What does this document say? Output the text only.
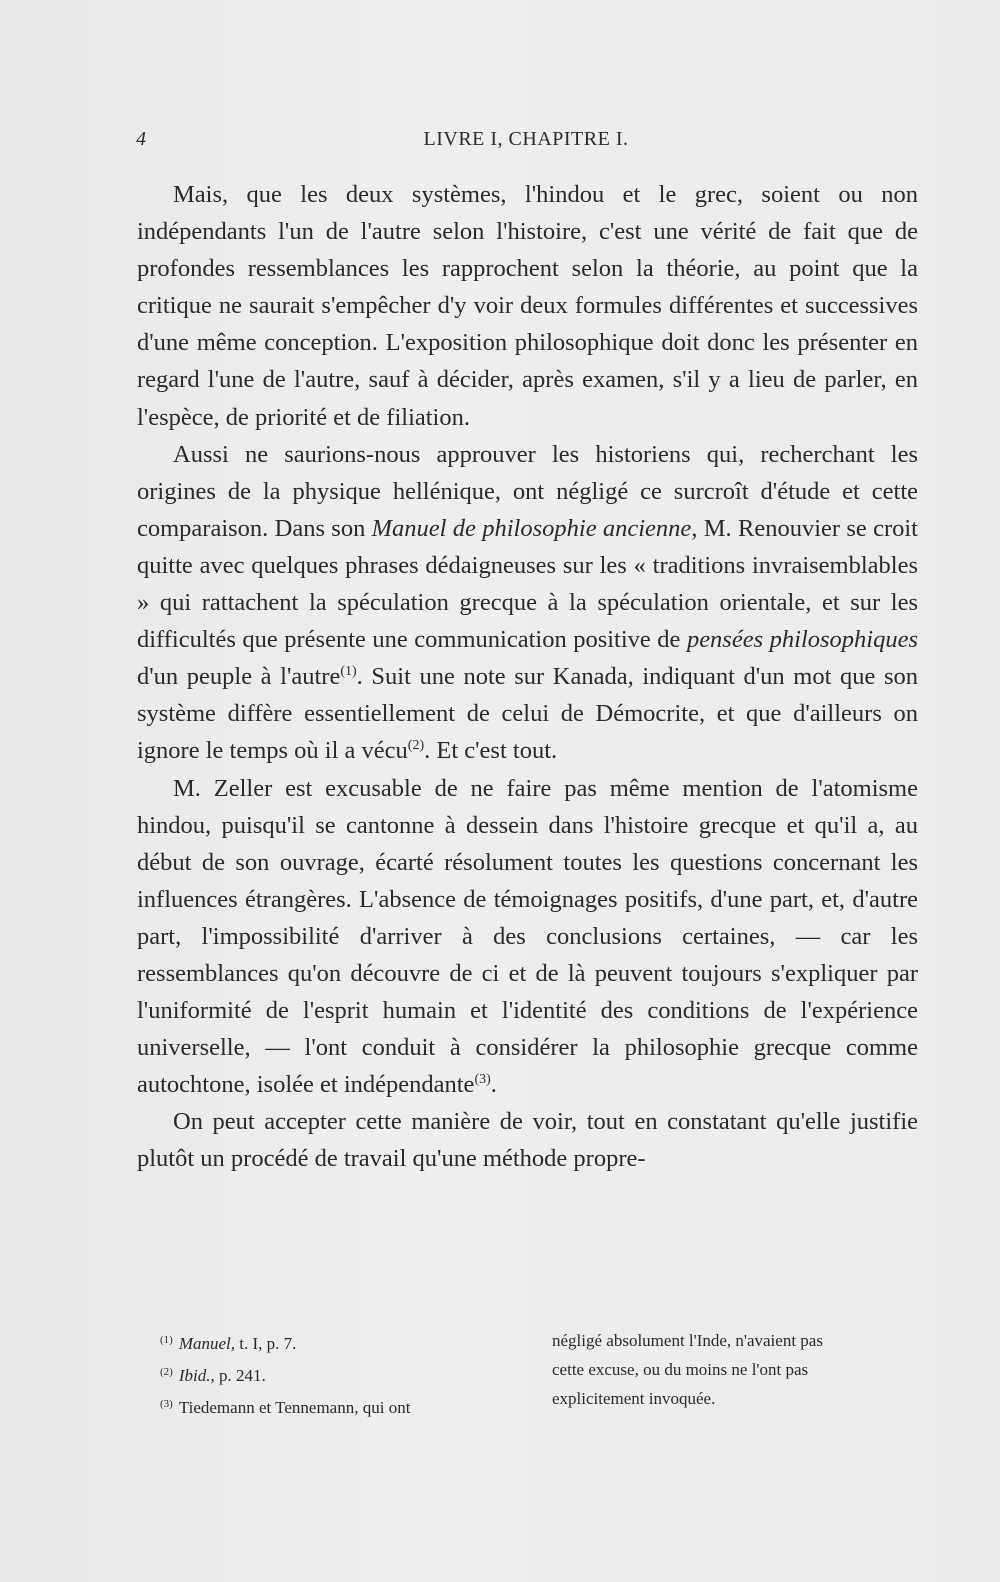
4	LIVRE I, CHAPITRE I.

Mais, que les deux systèmes, l'hindou et le grec, soient ou non indépendants l'un de l'autre selon l'histoire, c'est une vérité de fait que de profondes ressemblances les rapprochent selon la théorie, au point que la critique ne saurait s'empêcher d'y voir deux formules différentes et successives d'une même conception. L'exposition philosophique doit donc les présenter en regard l'une de l'autre, sauf à décider, après examen, s'il y a lieu de parler, en l'espèce, de priorité et de filiation.

Aussi ne saurions-nous approuver les historiens qui, recherchant les origines de la physique hellénique, ont négligé ce surcroît d'étude et cette comparaison. Dans son Manuel de philosophie ancienne, M. Renouvier se croit quitte avec quelques phrases dédaigneuses sur les « traditions invraisemblables » qui rattachent la spéculation grecque à la spéculation orientale, et sur les difficultés que présente une communication positive de pensées philosophiques d'un peuple à l'autre$^{(1)}$. Suit une note sur Kanada, indiquant d'un mot que son système diffère essentiellement de celui de Démocrite, et que d'ailleurs on ignore le temps où il a vécu$^{(2)}$. Et c'est tout.

M. Zeller est excusable de ne faire pas même mention de l'atomisme hindou, puisqu'il se cantonne à dessein dans l'histoire grecque et qu'il a, au début de son ouvrage, écarté résolument toutes les questions concernant les influences étrangères. L'absence de témoignages positifs, d'une part, et, d'autre part, l'impossibilité d'arriver à des conclusions certaines, — car les ressemblances qu'on découvre de ci et de là peuvent toujours s'expliquer par l'uniformité de l'esprit humain et l'identité des conditions de l'expérience universelle, — l'ont conduit à considérer la philosophie grecque comme autochtone, isolée et indépendante$^{(3)}$.

On peut accepter cette manière de voir, tout en constatant qu'elle justifie plutôt un procédé de travail qu'une méthode propre-

$^{(1)}$ Manuel, t. I, p. 7.
$^{(2)}$ Ibid., p. 241.
$^{(3)}$ Tiedemann et Tennemann, qui ont
négligé absolument l'Inde, n'avaient pas
cette excuse, ou du moins ne l'ont pas
explicitement invoquée.
